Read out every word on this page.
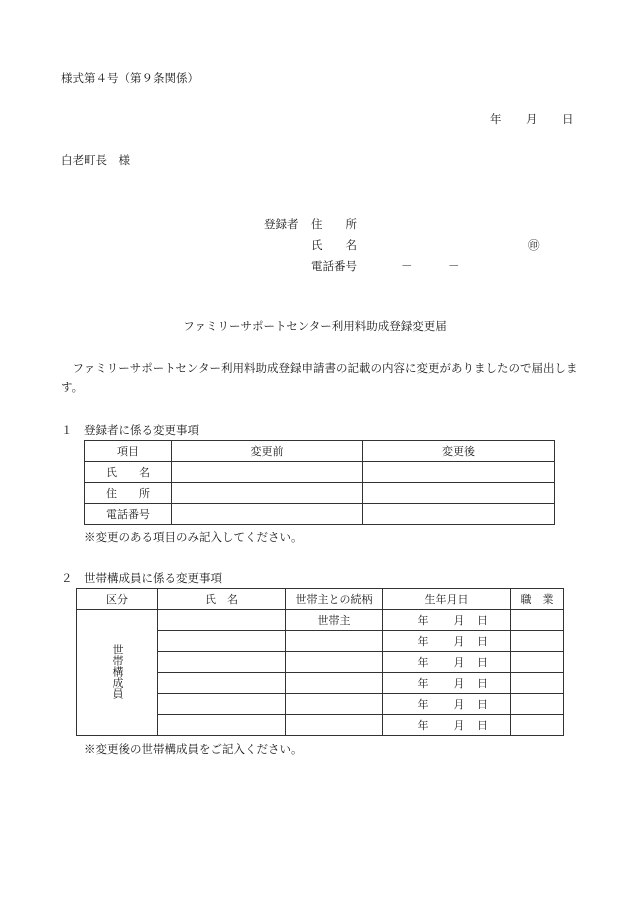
様式第４号（第９条関係）
年 月 日
白老町長　様
登録者 住　　所
氏　　名	㊞
電話番号	－	－
ファミリーサポートセンター利用料助成登録変更届
　ファミリーサポートセンター利用料助成登録申請書の記載の内容に変更がありましたので届出します。
１　登録者に係る変更事項
項目	変更前	変更後
氏　　名		
住　　所		
電話番号		
※変更のある項目のみ記入してください。
２　世帯構成員に係る変更事項
区分	氏　名	世帯主との続柄	生年月日	職　業
世帯構成員		世帯主	年 月 日	
			年 月 日	
			年 月 日	
			年 月 日	
			年 月 日	
			年 月 日	
※変更後の世帯構成員をご記入ください。
